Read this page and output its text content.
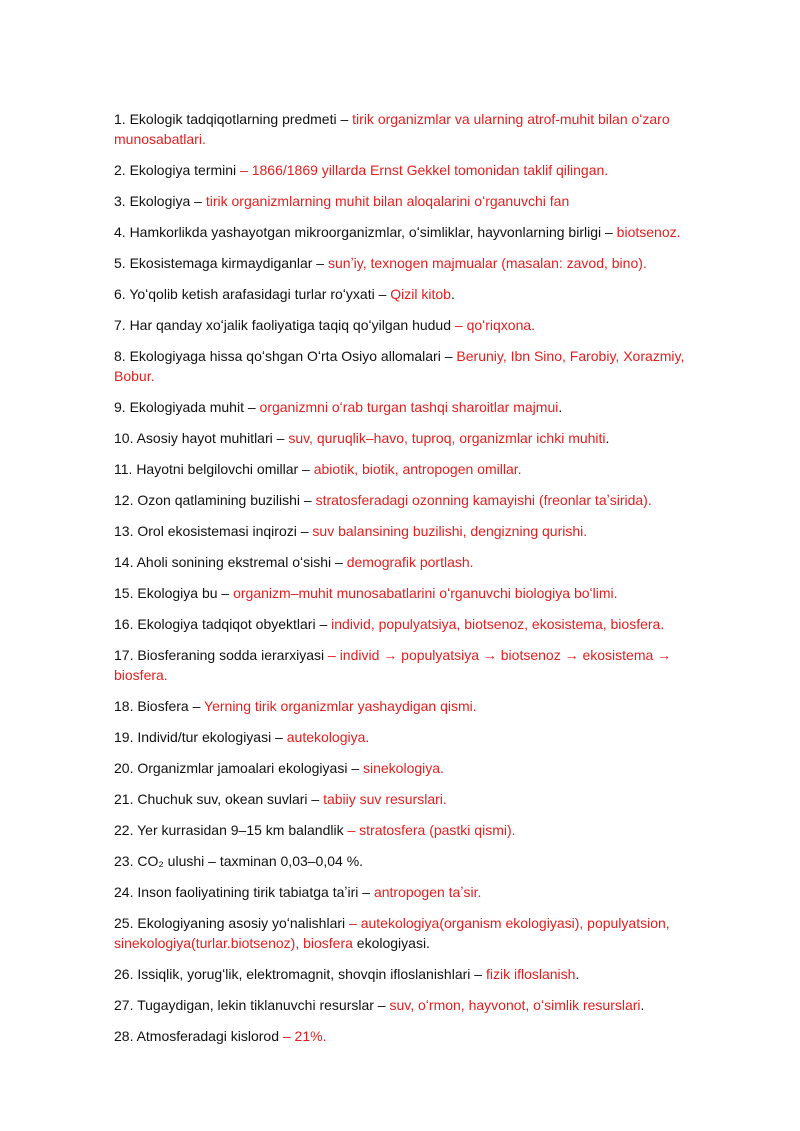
1. Ekologik tadqiqotlarning predmeti – tirik organizmlar va ularning atrof-muhit bilan oʻzaro munosabatlari.

2. Ekologiya termini – 1866/1869 yillarda Ernst Gekkel tomonidan taklif qilingan.

3. Ekologiya – tirik organizmlarning muhit bilan aloqalarini oʻrganuvchi fan

4. Hamkorlikda yashayotgan mikroorganizmlar, oʻsimliklar, hayvonlarning birligi – biotsenoz.

5. Ekosistemaga kirmaydiganlar – sunʼiy, texnogen majmualar (masalan: zavod, bino).

6. Yoʻqolib ketish arafasidagi turlar roʻyxati – Qizil kitob.

7. Har qanday xoʻjalik faoliyatiga taqiq qoʻyilgan hudud – qoʻriqxona.

8. Ekologiyaga hissa qoʻshgan Oʻrta Osiyo allomalari – Beruniy, Ibn Sino, Farobiy, Xorazmiy, Bobur.

9. Ekologiyada muhit – organizmni oʻrab turgan tashqi sharoitlar majmui.

10. Asosiy hayot muhitlari – suv, quruqlik–havo, tuproq, organizmlar ichki muhiti.

11. Hayotni belgilovchi omillar – abiotik, biotik, antropogen omillar.

12. Ozon qatlamining buzilishi – stratosferadagi ozonning kamayishi (freonlar taʼsirida).

13. Orol ekosistemasi inqirozi – suv balansining buzilishi, dengizning qurishi.

14. Aholi sonining ekstremal oʻsishi – demografik portlash.

15. Ekologiya bu – organizm–muhit munosabatlarini oʻrganuvchi biologiya boʻlimi.

16. Ekologiya tadqiqot obyektlari – individ, populyatsiya, biotsenoz, ekosistema, biosfera.

17. Biosferaning sodda ierarxiyasi – individ → populyatsiya → biotsenoz → ekosistema → biosfera.

18. Biosfera – Yerning tirik organizmlar yashaydigan qismi.

19. Individ/tur ekologiyasi – autekologiya.

20. Organizmlar jamoalari ekologiyasi – sinekologiya.

21. Chuchuk suv, okean suvlari – tabiiy suv resurslari.

22. Yer kurrasidan 9–15 km balandlik – stratosfera (pastki qismi).

23. CO₂ ulushi – taxminan 0,03–0,04 %.

24. Inson faoliyatining tirik tabiatga taʼiri – antropogen taʼsir.

25. Ekologiyaning asosiy yoʻnalishlari – autekologiya(organism ekologiyasi), populyatsion, sinekologiya(turlar.biotsenoz), biosfera ekologiyasi.

26. Issiqlik, yorugʻlik, elektromagnit, shovqin ifloslanishlari – fizik ifloslanish.

27. Tugaydigan, lekin tiklanuvchi resurslar – suv, oʻrmon, hayvonot, oʻsimlik resurslari.

28. Atmosferadagi kislorod – 21%.
